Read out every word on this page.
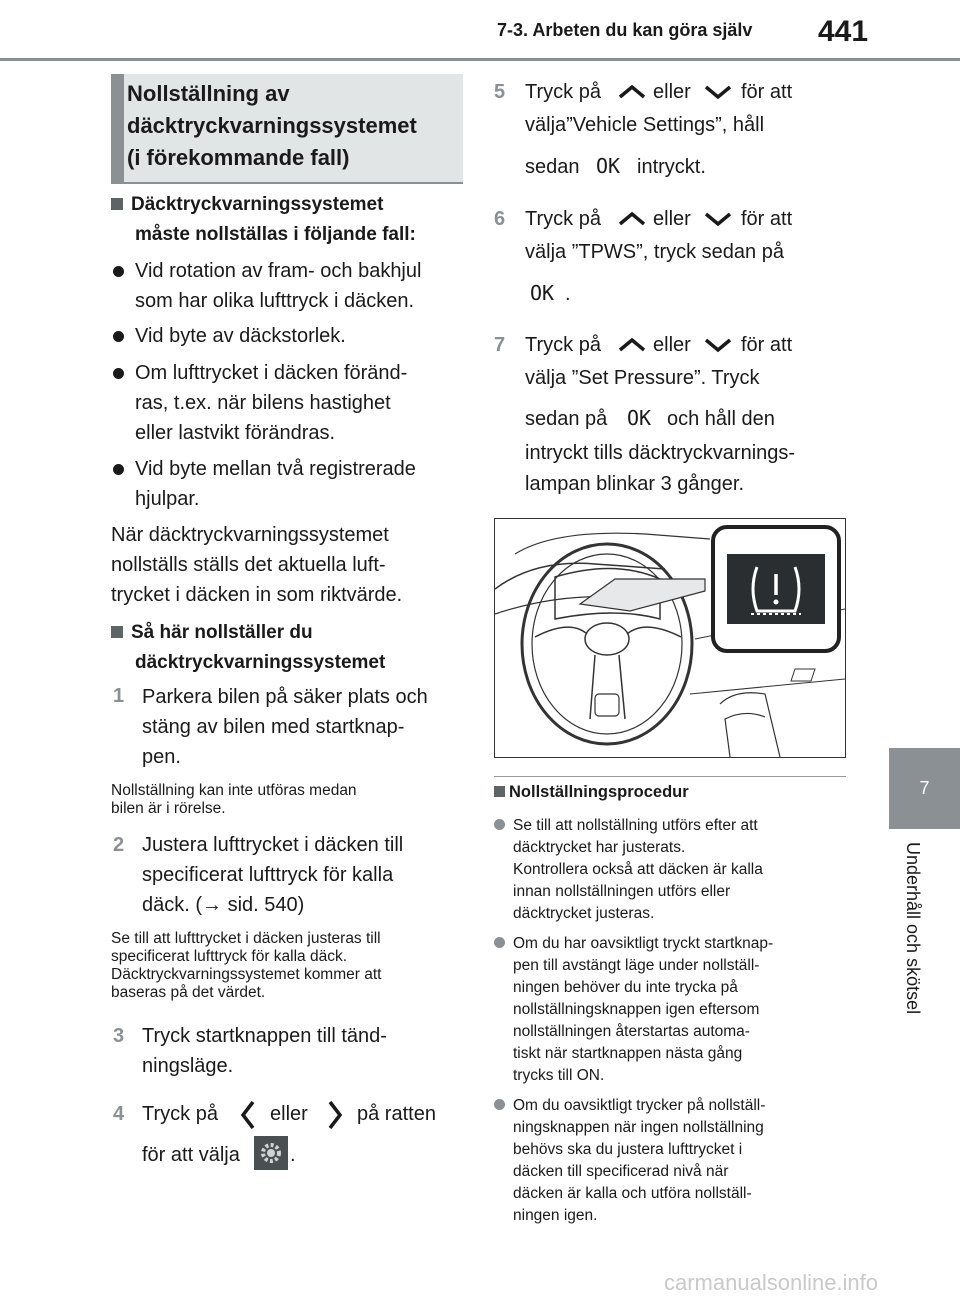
7-3. Arbeten du kan göra själv 441
7
Underhåll och skötsel
Nollställning av
däcktryckvarningssystemet
(i förekommande fall)
Däcktryckvarningssystemet
måste nollställas i följande fall:
Vid rotation av fram- och bakhjul
som har olika lufttryck i däcken.
Vid byte av däckstorlek.
Om lufttrycket i däcken föränd-
ras, t.ex. när bilens hastighet
eller lastvikt förändras.
Vid byte mellan två registrerade
hjulpar.
När däcktryckvarningssystemet
nollställs ställs det aktuella luft-
trycket i däcken in som riktvärde.
Så här nollställer du
däcktryckvarningssystemet
1 Parkera bilen på säker plats och
stäng av bilen med startknap-
pen.
Nollställning kan inte utföras medan
bilen är i rörelse.
2 Justera lufttrycket i däcken till
specificerat lufttryck för kalla
däck. (→ sid. 540)
Se till att lufttrycket i däcken justeras till
specificerat lufttryck för kalla däck.
Däcktryckvarningssystemet kommer att
baseras på det värdet.
3 Tryck startknappen till tänd-
ningsläge.
4 Tryck på	eller på ratten
för att välja	.
5 Tryck på	eller	för att
välja”Vehicle Settings”, håll
sedan OK intryckt.
6 Tryck på	eller	för att
välja ”TPWS”, tryck sedan på
OK .
7 Tryck på	eller	för att
välja ”Set Pressure”. Tryck
sedan på OK och håll den
intryckt tills däcktryckvarnings-
lampan blinkar 3 gånger.
Nollställningsprocedur
Se till att nollställning utförs efter att
däcktrycket har justerats.
Kontrollera också att däcken är kalla
innan nollställningen utförs eller
däcktrycket justeras.
Om du har oavsiktligt tryckt startknap-
pen till avstängt läge under nollställ-
ningen behöver du inte trycka på
nollställningsknappen igen eftersom
nollställningen återstartas automa-
tiskt när startknappen nästa gång
trycks till ON.
Om du oavsiktligt trycker på nollställ-
ningsknappen när ingen nollställning
behövs ska du justera lufttrycket i
däcken till specificerad nivå när
däcken är kalla och utföra nollställ-
ningen igen.
carmanualsonline.info
